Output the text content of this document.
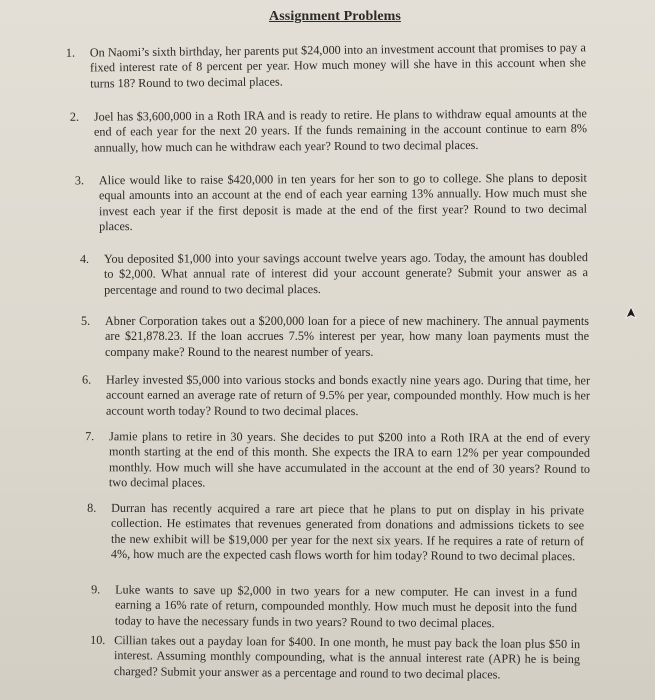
Assignment Problems
1.	On Naomi’s sixth birthday, her parents put $24,000 into an investment account that promises to pay a fixed interest rate of 8 percent per year. How much money will she have in this account when she turns 18? Round to two decimal places.
2.	Joel has $3,600,000 in a Roth IRA and is ready to retire. He plans to withdraw equal amounts at the end of each year for the next 20 years. If the funds remaining in the account continue to earn 8% annually, how much can he withdraw each year? Round to two decimal places.
3.	Alice would like to raise $420,000 in ten years for her son to go to college. She plans to deposit equal amounts into an account at the end of each year earning 13% annually. How much must she invest each year if the first deposit is made at the end of the first year? Round to two decimal places.
4.	You deposited $1,000 into your savings account twelve years ago. Today, the amount has doubled to $2,000. What annual rate of interest did your account generate? Submit your answer as a percentage and round to two decimal places.
5.	Abner Corporation takes out a $200,000 loan for a piece of new machinery. The annual payments are $21,878.23. If the loan accrues 7.5% interest per year, how many loan payments must the company make? Round to the nearest number of years.
6.	Harley invested $5,000 into various stocks and bonds exactly nine years ago. During that time, her account earned an average rate of return of 9.5% per year, compounded monthly. How much is her account worth today? Round to two decimal places.
7.	Jamie plans to retire in 30 years. She decides to put $200 into a Roth IRA at the end of every month starting at the end of this month. She expects the IRA to earn 12% per year compounded monthly. How much will she have accumulated in the account at the end of 30 years? Round to two decimal places.
8.	Durran has recently acquired a rare art piece that he plans to put on display in his private collection. He estimates that revenues generated from donations and admissions tickets to see the new exhibit will be $19,000 per year for the next six years. If he requires a rate of return of 4%, how much are the expected cash flows worth for him today? Round to two decimal places.
9.	Luke wants to save up $2,000 in two years for a new computer. He can invest in a fund earning a 16% rate of return, compounded monthly. How much must he deposit into the fund today to have the necessary funds in two years? Round to two decimal places.
10. Cillian takes out a payday loan for $400. In one month, he must pay back the loan plus $50 in interest. Assuming monthly compounding, what is the annual interest rate (APR) he is being charged? Submit your answer as a percentage and round to two decimal places.
